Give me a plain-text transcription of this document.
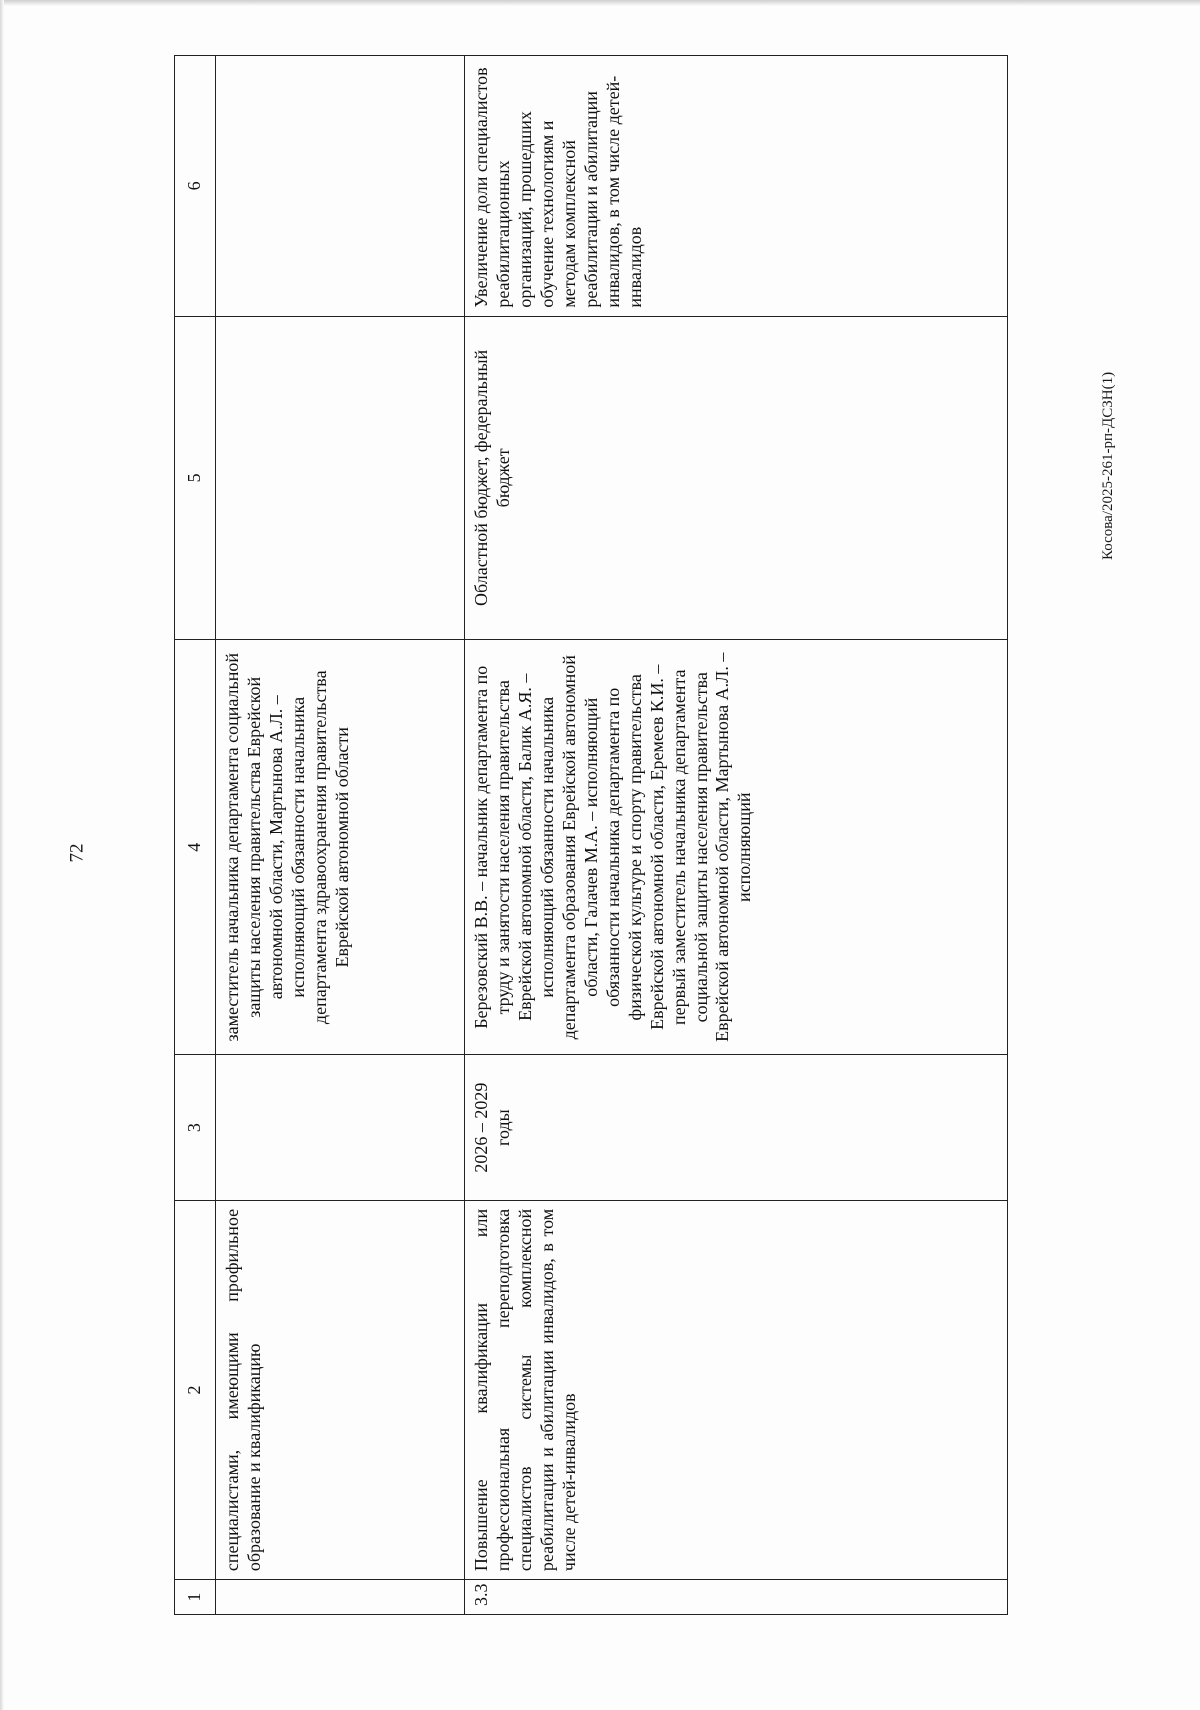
72
1	2	3	4	5	6
	специалистами, имеющими профильное образование и квалификацию		заместитель начальника департамента социальной защиты населения правительства Еврейской автономной области, Мартынова А.Л. – исполняющий обязанности начальника департамента здравоохранения правительства Еврейской автономной области		
3.3	Повышение квалификации или профессиональная переподготовка специалистов системы комплексной реабилитации и абилитации инвалидов, в том числе детей-инвалидов	2026 – 2029 годы	Березовский В.В. – начальник департамента по труду и занятости населения правительства Еврейской автономной области, Балик А.Я. – исполняющий обязанности начальника департамента образования Еврейской автономной области, Галачев М.А. – исполняющий обязанности начальника департамента по физической культуре и спорту правительства Еврейской автономной области, Еремеев К.И. – первый заместитель начальника департамента социальной защиты населения правительства Еврейской автономной области, Мартынова А.Л. – исполняющий	Областной бюджет, федеральный бюджет	Увеличение доли специалистов реабилитационных организаций, прошедших обучение технологиям и методам комплексной реабилитации и абилитации инвалидов, в том числе детей-инвалидов
Косова/2025-261-рп-ДСЗН(1)
